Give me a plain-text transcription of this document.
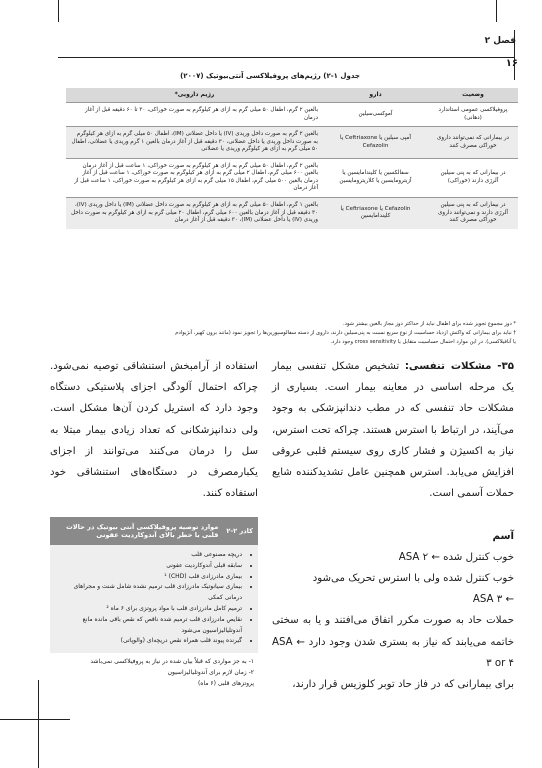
فصل ۲
۱۶
جدول ۱-۲) رژیم‌های پروفیلاکسی آنتی‌بیوتیک (۲۰۰۷)
وضعیت	دارو	رژیم دارویی*
پروفیلاکسی عمومی استاندارد (دهانی)	آموکسی‌سیلین	بالغین ۲ گرم، اطفال ۵۰ میلی گرم به ازای هر کیلوگرم به صورت خوراکی، ۳۰ تا ۶۰ دقیقه قبل از آغاز درمان
در بیمارانی که نمی‌توانند داروی خوراکی مصرف کنند	آمپی سیلین یا Ceftriaxone یا Cefazolin	بالغین ۲ گرم به صورت داخل وریدی (IV) یا داخل عضلانی (IM)، اطفال ۵۰ میلی گرم به ازای هر کیلوگرم به صورت داخل وریدی یا داخل عضلانی، ۳۰ دقیقه قبل از آغاز درمان بالغین ۱ گرم وریدی یا عضلانی، اطفال ۵۰ میلی گرم به ازای هر کیلوگرم وریدی یا عضلانی
در بیمارانی که به پنی سیلین آلرژی دارند (خوراکی)	سفالکسین یا کلیندامایسین یا آزیترومایسین یا کلاریترومایسین	بالغین ۲ گرم، اطفال ۵۰ میلی گرم به ازای هر کیلوگرم به صورت خوراکی، ۱ ساعت قبل از آغاز درمان بالغین ۶۰۰ میلی گرم، اطفال ۲ میلی گرم به ازای هر کیلوگرم به صورت خوراکی، ۱ ساعت قبل از آغاز درمان بالغین ۵۰۰ میلی گرم، اطفال ۱۵ میلی گرم به ازای هر کیلوگرم به صورت خوراکی، ۱ ساعت قبل از آغاز درمان
در بیمارانی که به پنی سیلین آلرژی دارند و نمی‌توانند داروی خوراکی مصرف کنند	Cefazolin یا Ceftriaxone یا کلیندامایسین	بالغین ۱ گرم، اطفال ۵۰ میلی گرم به ازای هر کیلوگرم به صورت داخل عضلانی (IM) یا داخل وریدی (IV)، ۳۰ دقیقه قبل از آغاز درمان بالغین ۶۰۰ میلی گرم، اطفال ۲۰ میلی گرم به ازای هر کیلوگرم به صورت داخل وریدی (IV) یا داخل عضلانی (IM)، ۳۰ دقیقه قبل از آغاز درمان
* دوز مجموع تجویز شده برای اطفال نباید از حداکثر دوز مجاز بالغین بیشتر شود.
† نباید برای بیمارانی که واکنش ازدیاد حساسیت از نوع سریع نسبت به پنی‌سیلین دارند، داروی از دسته سفالوسپورین‌ها را تجویز نمود (مانند برون کهیر، آنژیوادم
یا آنافیلاکسی). در این موارد احتمال حساسیت متقابل یا cross sensitivity وجود دارد.

۳۵- مشکلات تنفسی: تشخیص مشکل تنفسی بیمار یک مرحله اساسی در معاینه بیمار است. بسیاری از مشکلات حاد تنفسی که در مطب دندانپزشکی به وجود می‌آیند، در ارتباط با استرس هستند. چراکه تحت استرس، نیاز به اکسیژن و فشار کاری روی سیستم قلبی عروقی افزایش می‌یابد. استرس همچنین عامل تشدیدکننده شایع حملات آسمی است.

آسم

خوب کنترل شده ← ASA ۲

خوب کنترل شده ولی با استرس تحریک می‌شود

← ASA ۳

حملات حاد به صورت مکرر اتفاق می‌افتند و یا به سختی خاتمه می‌یابند که نیاز به بستری شدن وجود دارد ← ASA ۳ or ۴

برای بیمارانی که در فاز حاد توبر کلوزیس قرار دارند،

استفاده از آرامبخش استنشاقی توصیه نمی‌شود. چراکه احتمال آلودگی اجزای پلاستیکی دستگاه وجود دارد که استریل کردن آن‌ها مشکل است. ولی دندانپزشکانی که تعداد زیادی بیمار مبتلا به سل را درمان می‌کنند می‌توانند از اجزای یکبارمصرف در دستگاه‌های استنشاقی خود استفاده کنند.

کادر ۲-۲
موارد توصیه پروفیلاکسی آنتی بیوتیک در حالات قلبی با خطر بالای آندوکاردیت عفونی
• دریچه مصنوعی قلب
• سابقه قبلی آندوکاردیت عفونی
• بیماری مادرزادی قلب (CHD) ¹
• بیماری سیانوتیک مادرزادی قلب ترمیم نشده شامل شنت و مجراهای درمانی کمکی
• ترمیم کامل مادرزادی قلب با مواد پروتزی برای ۶ ماه ²
• نقایص مادرزادی قلب ترمیم شده ناقص که نقص باقی مانده مانع آندوتلیالیزاسیون می‌شود
• گیرنده پیوند قلب همراه نقص دریچه‌ای (والوپاتی)
۱- به جز مواردی که قبلاً بیان شده در نیاز به پروفیلاکسی نمی‌باشد
۲- زمان لازم برای آندوتلیالیزاسیون
پروتزهای قلبی (۶ ماه)
